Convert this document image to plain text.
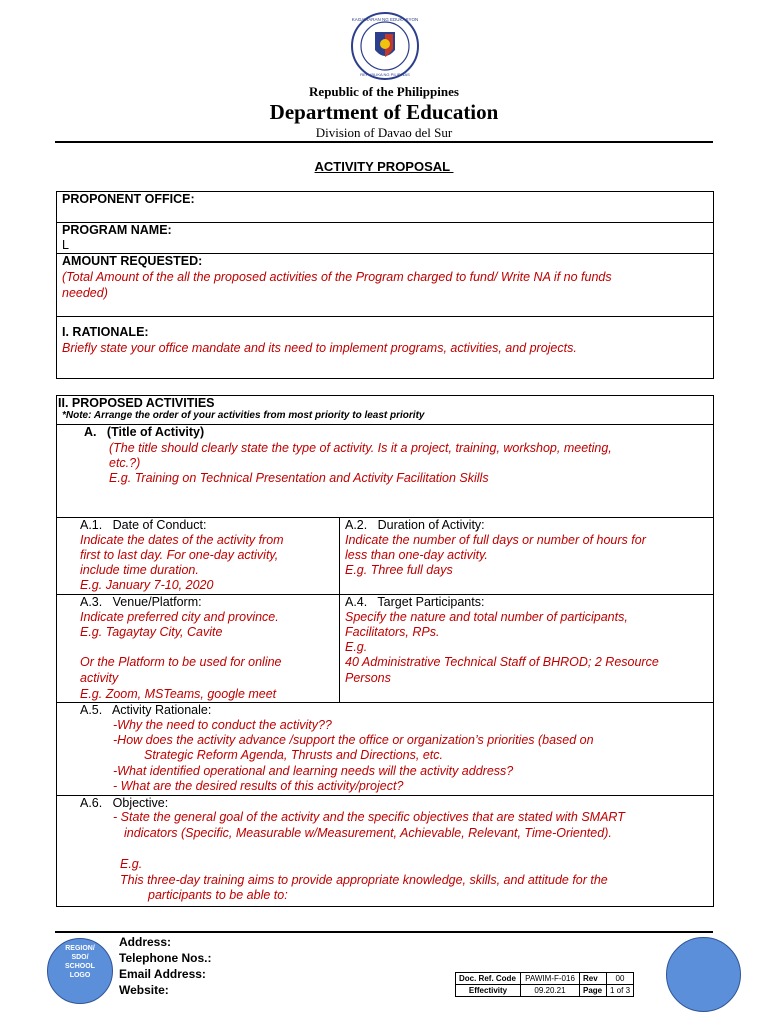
KAGAWARAN NG EDUKASYON
REPUBLIKA NG PILIPINAS
Republic of the Philippines
Department of Education
Division of Davao del Sur
ACTIVITY PROPOSAL
PROPONENT OFFICE:
PROGRAM NAME:
L
AMOUNT REQUESTED:
(Total Amount of the all the proposed activities of the Program charged to fund/ Write NA if no funds
needed)
I. RATIONALE:
Briefly state your office mandate and its need to implement programs, activities, and projects.
II. PROPOSED ACTIVITIES
*Note: Arrange the order of your activities from most priority to least priority
A.   (Title of Activity)
(The title should clearly state the type of activity. Is it a project, training, workshop, meeting,
etc.?)
E.g. Training on Technical Presentation and Activity Facilitation Skills
A.1.   Date of Conduct:
Indicate the dates of the activity from
first to last day. For one-day activity,
include time duration.
E.g. January 7-10, 2020
A.2.   Duration of Activity:
Indicate the number of full days or number of hours for
less than one-day activity.
E.g. Three full days
A.3.   Venue/Platform:
Indicate preferred city and province.
E.g. Tagaytay City, Cavite
Or the Platform to be used for online
activity
E.g. Zoom, MSTeams, google meet
A.4.   Target Participants:
Specify the nature and total number of participants,
Facilitators, RPs.
E.g.
40 Administrative Technical Staff of BHROD; 2 Resource
Persons
A.5.   Activity Rationale:
-Why the need to conduct the activity??
-How does the activity advance /support the office or organization’s priorities (based on
Strategic Reform Agenda, Thrusts and Directions, etc.
-What identified operational and learning needs will the activity address?
- What are the desired results of this activity/project?
A.6.   Objective:
- State the general goal of the activity and the specific objectives that are stated with SMART
indicators (Specific, Measurable w/Measurement, Achievable, Relevant, Time-Oriented).
E.g.
This three-day training aims to provide appropriate knowledge, skills, and attitude for the
participants to be able to:
REGION/
SDO/
SCHOOL
LOGO
Address:
Telephone Nos.:
Email Address:
Website:
Doc. Ref. Code	PAWIM-F-016	Rev	00
Effectivity	09.20.21	Page	1 of 3
